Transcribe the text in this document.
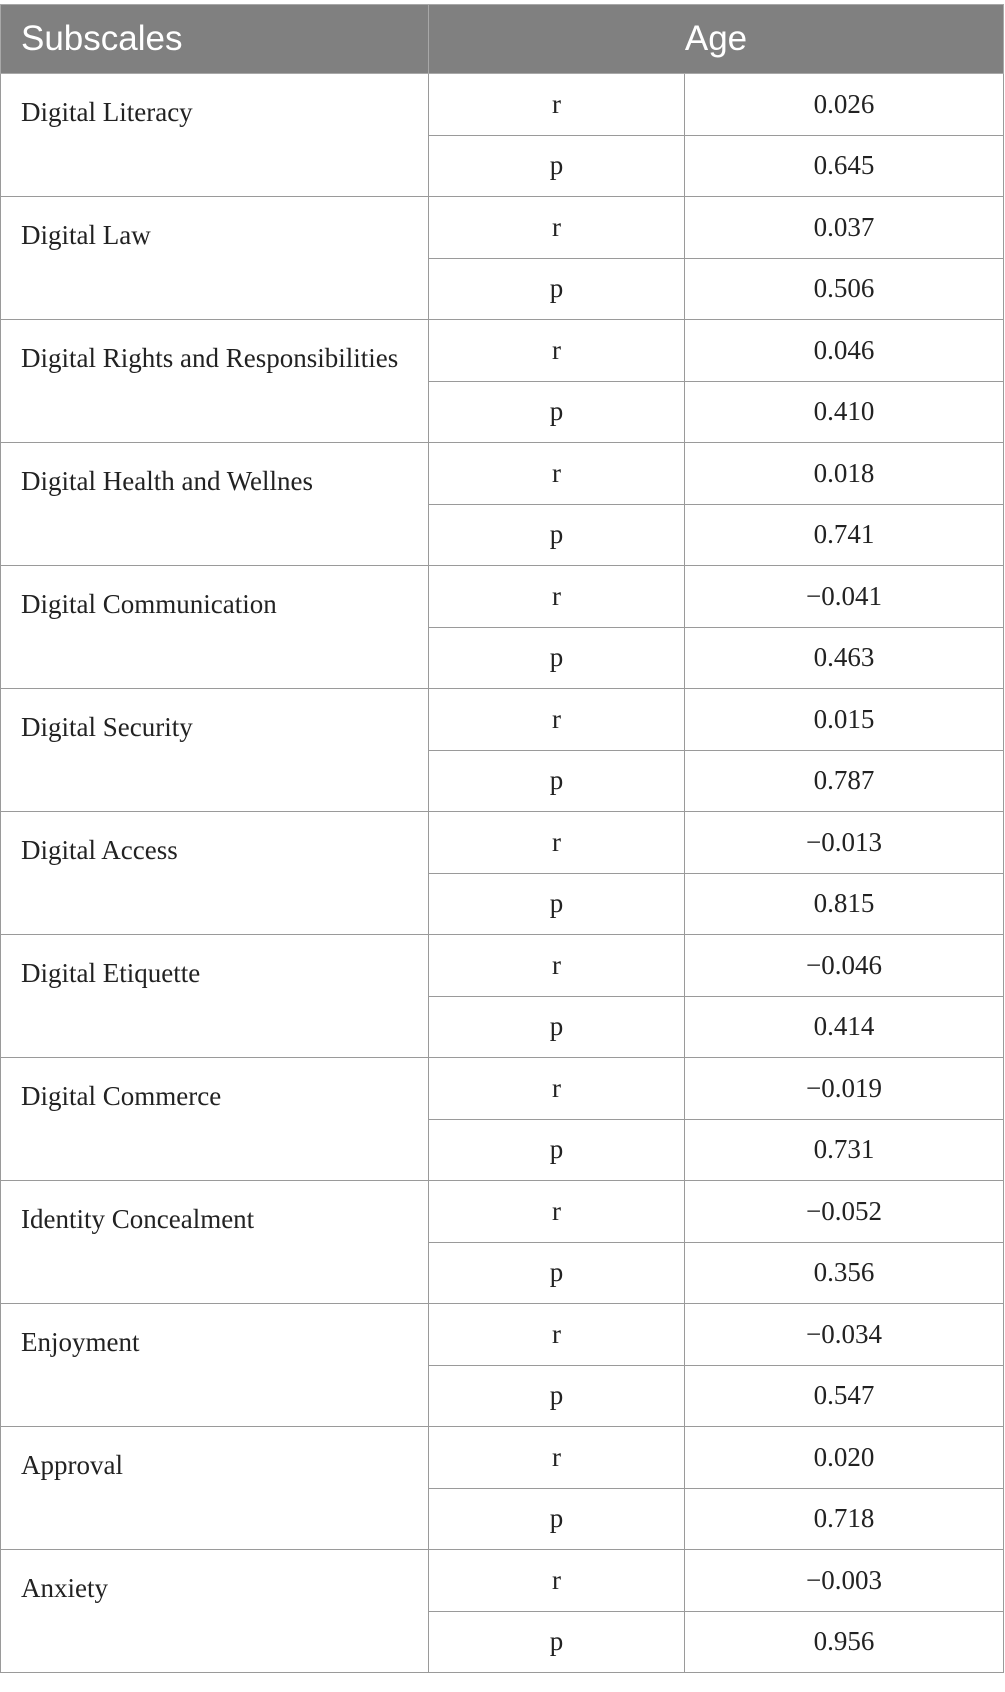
Subscales	Age	
Digital Literacy	r	0.026
	p	0.645
Digital Law	r	0.037
	p	0.506
Digital Rights and Responsibilities	r	0.046
	p	0.410
Digital Health and Wellnes	r	0.018
	p	0.741
Digital Communication	r	−0.041
	p	0.463
Digital Security	r	0.015
	p	0.787
Digital Access	r	−0.013
	p	0.815
Digital Etiquette	r	−0.046
	p	0.414
Digital Commerce	r	−0.019
	p	0.731
Identity Concealment	r	−0.052
	p	0.356
Enjoyment	r	−0.034
	p	0.547
Approval	r	0.020
	p	0.718
Anxiety	r	−0.003
	p	0.956
